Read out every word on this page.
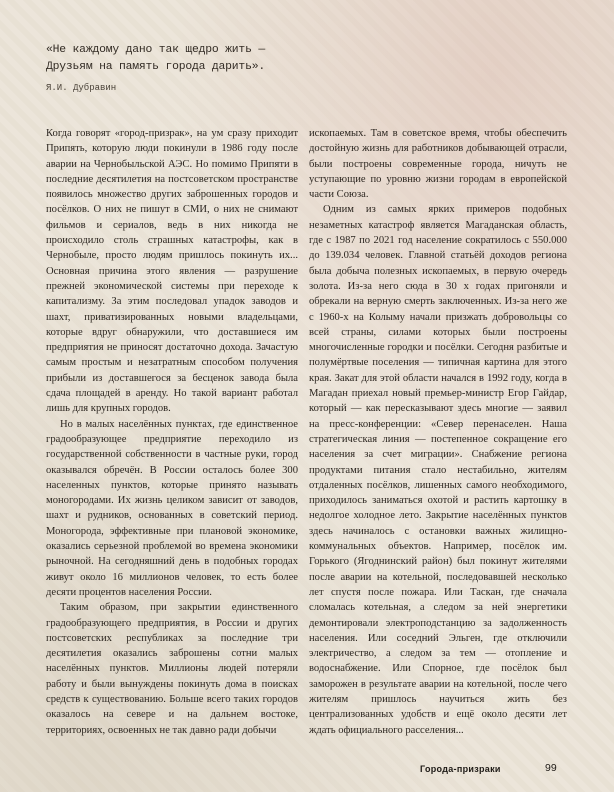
«Не каждому дано так щедро жить —
Друзьям на память города дарить».
Я.И. Дубравин

Когда говорят «город-призрак», на ум сразу приходит Припять, которую люди покинули в 1986 году после аварии на Чернобыльской АЭС. Но помимо Припяти в последние десятилетия на постсоветском пространстве появилось множество других заброшенных городов и посёлков. О них не пишут в СМИ, о них не снимают фильмов и сериалов, ведь в них никогда не происходило столь страшных катастрофы, как в Чернобыле, просто людям пришлось покинуть их... Основная причина этого явления — разрушение прежней экономической системы при переходе к капитализму. За этим последовал упадок заводов и шахт, приватизированных новыми владельцами, которые вдруг обнаружили, что доставшиеся им предприятия не приносят достаточно дохода. Зачастую самым простым и незатратным способом получения прибыли из доставшегося за бесценок завода была сдача площадей в аренду. Но такой вариант работал лишь для крупных городов.

Но в малых населённых пунктах, где единственное градообразующее предприятие переходило из государственной собственности в частные руки, город оказывался обречён. В России осталось более 300 населенных пунктов, которые принято называть моногородами. Их жизнь целиком зависит от заводов, шахт и рудников, основанных в советский период. Моногорода, эффективные при плановой экономике, оказались серьезной проблемой во времена экономики рыночной. На сегодняшний день в подобных городах живут около 16 миллионов человек, то есть более десяти процентов населения России.

Таким образом, при закрытии единственного градообразующего предприятия, в России и других постсоветских республиках за последние три десятилетия оказались заброшены сотни малых населённых пунктов. Миллионы людей потеряли работу и были вынуждены покинуть дома в поисках средств к существованию. Больше всего таких городов оказалось на севере и на дальнем востоке, территориях, освоенных не так давно ради добычи

ископаемых. Там в советское время, чтобы обеспечить достойную жизнь для работников добывающей отрасли, были построены современные города, ничуть не уступающие по уровню жизни городам в европейской части Союза.

Одним из самых ярких примеров подобных незаметных катастроф является Магаданская область, где с 1987 по 2021 год население сократилось с 550.000 до 139.034 человек. Главной статьёй доходов региона была добыча полезных ископаемых, в первую очередь золота. Из-за него сюда в 30 х годах пригоняли и обрекали на верную смерть заключенных. Из-за него же с 1960-х на Колыму начали призжать добровольцы со всей страны, силами которых были построены многочисленные городки и посёлки. Сегодня разбитые и полумёртвые поселения — типичная картина для этого края. Закат для этой области начался в 1992 году, когда в Магадан приехал новый премьер-министр Егор Гайдар, который — как пересказывают здесь многие — заявил на пресс-конференции: «Север перенаселен. Наша стратегическая линия — постепенное сокращение его населения за счет миграции». Снабжение региона продуктами питания стало нестабильно, жителям отдаленных посёлков, лишенных самого необходимого, приходилось заниматься охотой и растить картошку в недолгое холодное лето. Закрытие населённых пунктов здесь начиналось с остановки важных жилищно-коммунальных объектов. Например, посёлок им. Горького (Ягоднинский район) был покинут жителями после аварии на котельной, последовавшей несколько лет спустя после пожара. Или Таскан, где сначала сломалась котельная, а следом за ней энергетики демонтировали электроподстанцию за задолженность населения. Или соседний Эльген, где отключили электричество, а следом за тем — отопление и водоснабжение. Или Спорное, где посёлок был заморожен в результате аварии на котельной, после чего жителям пришлось научиться жить без централизованных удобств и ещё около десяти лет ждать официального расселения...

Города-призраки	99
